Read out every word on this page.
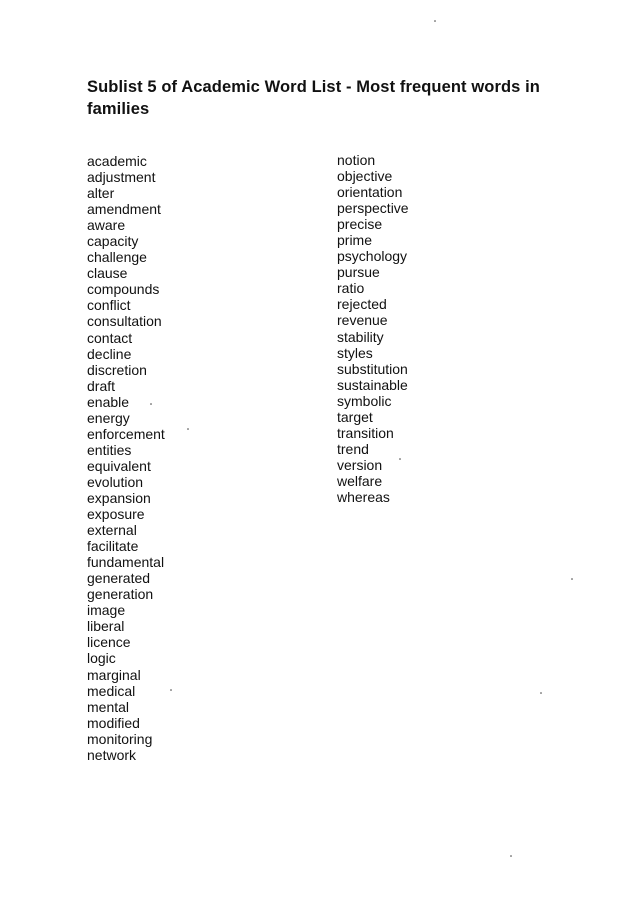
Sublist 5 of Academic Word List - Most frequent words in families
academic
adjustment
alter
amendment
aware
capacity
challenge
clause
compounds
conflict
consultation
contact
decline
discretion
draft
enable
energy
enforcement
entities
equivalent
evolution
expansion
exposure
external
facilitate
fundamental
generated
generation
image
liberal
licence
logic
marginal
medical
mental
modified
monitoring
network
notion
objective
orientation
perspective
precise
prime
psychology
pursue
ratio
rejected
revenue
stability
styles
substitution
sustainable
symbolic
target
transition
trend
version
welfare
whereas
